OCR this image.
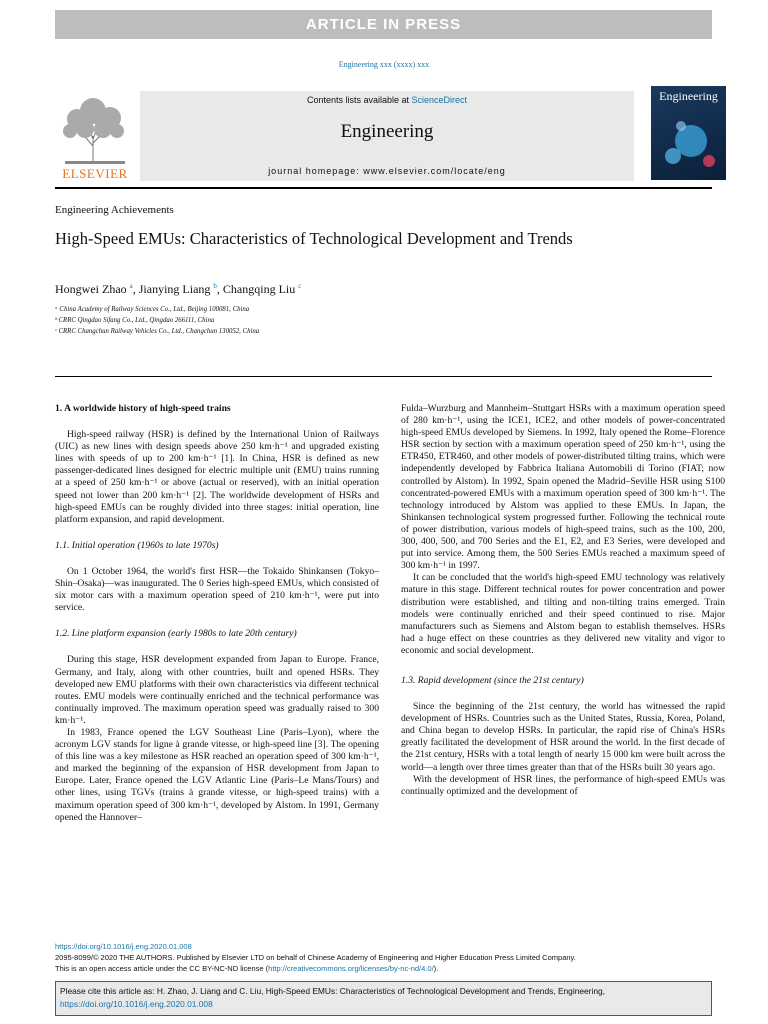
ARTICLE IN PRESS
Engineering xxx (xxxx) xxx
ELSEVIER
Contents lists available at ScienceDirect
Engineering
journal homepage: www.elsevier.com/locate/eng
Engineering
Engineering Achievements
High-Speed EMUs: Characteristics of Technological Development and Trends
Hongwei Zhao $^a$, Jianying Liang $^b$, Changqing Liu $^c$
ᵃ China Academy of Railway Sciences Co., Ltd., Beijing 100081, China
ᵇ CRRC Qingdao Sifang Co., Ltd., Qingdao 266111, China
ᶜ CRRC Changchun Railway Vehicles Co., Ltd., Changchun 130052, China

1. A worldwide history of high-speed trains

High-speed railway (HSR) is defined by the International Union of Railways (UIC) as new lines with design speeds above 250 km·h⁻¹ and upgraded existing lines with speeds of up to 200 km·h⁻¹ [1]. In China, HSR is defined as new passenger-dedicated lines designed for electric multiple unit (EMU) trains running at a speed of 250 km·h⁻¹ or above (actual or reserved), with an initial operation speed not lower than 200 km·h⁻¹ [2]. The worldwide development of HSRs and high-speed EMUs can be roughly divided into three stages: initial operation, line platform expansion, and rapid development.

1.1. Initial operation (1960s to late 1970s)

On 1 October 1964, the world's first HSR—the Tokaido Shinkansen (Tokyo–Shin–Osaka)—was inaugurated. The 0 Series high-speed EMUs, which consisted of six motor cars with a maximum operation speed of 210 km·h⁻¹, were put into service.

1.2. Line platform expansion (early 1980s to late 20th century)

During this stage, HSR development expanded from Japan to Europe. France, Germany, and Italy, along with other countries, built and opened HSRs. They developed new EMU platforms with their own characteristics via different technical routes. EMU models were continually enriched and the technical performance was continually improved. The maximum operation speed was gradually raised to 300 km·h⁻¹.

In 1983, France opened the LGV Southeast Line (Paris–Lyon), where the acronym LGV stands for ligne à grande vitesse, or high-speed line [3]. The opening of this line was a key milestone as HSR reached an operation speed of 300 km·h⁻¹, and marked the beginning of the expansion of HSR development from Japan to Europe. Later, France opened the LGV Atlantic Line (Paris–Le Mans/Tours) and other lines, using TGVs (trains à grande vitesse, or high-speed trains) with a maximum operation speed of 300 km·h⁻¹, developed by Alstom. In 1991, Germany opened the Hannover–

Fulda–Wurzburg and Mannheim–Stuttgart HSRs with a maximum operation speed of 280 km·h⁻¹, using the ICE1, ICE2, and other models of power-concentrated high-speed EMUs developed by Siemens. In 1992, Italy opened the Rome–Florence HSR section by section with a maximum operation speed of 250 km·h⁻¹, using the ETR450, ETR460, and other models of power-distributed tilting trains, which were independently developed by Fabbrica Italiana Automobili di Torino (FIAT; now controlled by Alstom). In 1992, Spain opened the Madrid–Seville HSR using S100 concentrated-powered EMUs with a maximum operation speed of 300 km·h⁻¹. The technology introduced by Alstom was applied to these EMUs. In Japan, the Shinkansen technological system progressed further. Following the technical route of power distribution, various models of high-speed trains, such as the 100, 200, 300, 400, 500, and 700 Series and the E1, E2, and E3 Series, were developed and put into service. Among them, the 500 Series EMUs reached a maximum speed of 300 km·h⁻¹ in 1997.

It can be concluded that the world's high-speed EMU technology was relatively mature in this stage. Different technical routes for power concentration and power distribution were established, and tilting and non-tilting trains emerged. Train models were continually enriched and their speed continued to rise. Major manufacturers such as Siemens and Alstom began to establish themselves. HSRs had a huge effect on these countries as they delivered new vitality and vigor to economic and social development.

1.3. Rapid development (since the 21st century)

Since the beginning of the 21st century, the world has witnessed the rapid development of HSRs. Countries such as the United States, Russia, Korea, Poland, and China began to develop HSRs. In particular, the rapid rise of China's HSRs greatly facilitated the development of HSR around the world. In the first decade of the 21st century, HSRs with a total length of nearly 15 000 km were built across the world—a length over three times greater than that of the HSRs built 30 years ago.

With the development of HSR lines, the performance of high-speed EMUs was continually optimized and the development of

https://doi.org/10.1016/j.eng.2020.01.008
2095-8099/© 2020 THE AUTHORS. Published by Elsevier LTD on behalf of Chinese Academy of Engineering and Higher Education Press Limited Company.
This is an open access article under the CC BY-NC-ND license (http://creativecommons.org/licenses/by-nc-nd/4.0/).
Please cite this article as: H. Zhao, J. Liang and C. Liu, High-Speed EMUs: Characteristics of Technological Development and Trends, Engineering, https://doi.org/10.1016/j.eng.2020.01.008
